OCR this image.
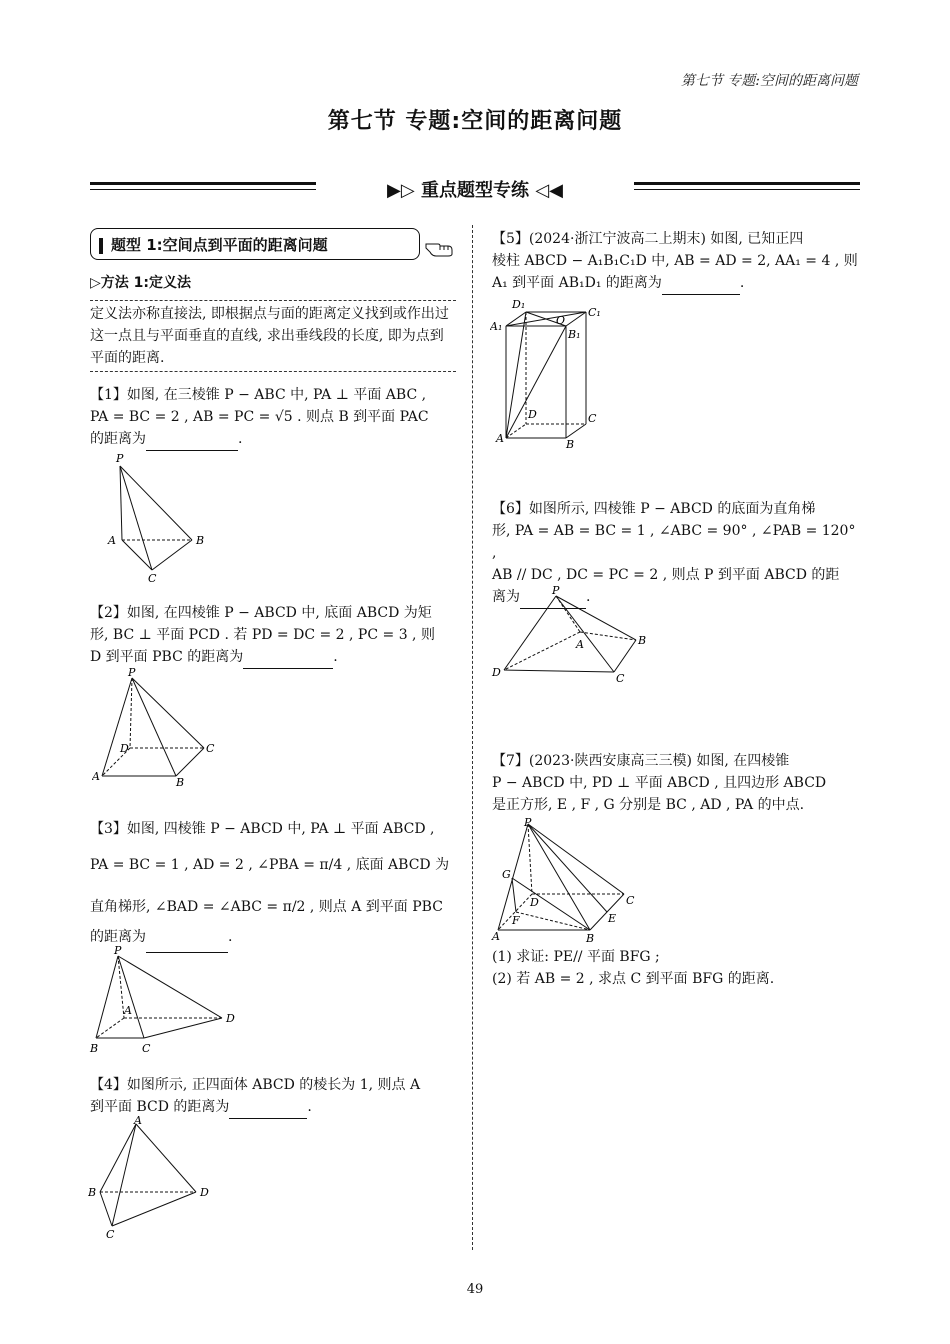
第七节 专题:空间的距离问题
第七节 专题:空间的距离问题
▶▷ 重点题型专练 ◁◀
题型 1:空间点到平面的距离问题
▷方法 1:定义法
定义法亦称直接法, 即根据点与面的距离定义找到或作出过这一点且与平面垂直的直线, 求出垂线段的长度, 即为点到平面的距离.
【1】如图, 在三棱锥 P − ABC 中, PA ⊥ 平面 ABC ,
PA = BC = 2 , AB = PC = √5 . 则点 B 到平面 PAC
的距离为	.
P
A	B
C
【2】如图, 在四棱锥 P − ABCD 中, 底面 ABCD 为矩
形, BC ⊥ 平面 PCD . 若 PD = DC = 2 , PC = 3 , 则
D 到平面 PBC 的距离为	.
P
D	C
A	B
【3】如图, 四棱锥 P − ABCD 中, PA ⊥ 平面 ABCD ,
PA = BC = 1 , AD = 2 , ∠PBA = π/4 , 底面 ABCD 为
直角梯形, ∠BAD = ∠ABC = π/2 , 则点 A 到平面 PBC
的距离为	.
P
A
D
B	C
【4】如图所示, 正四面体 ABCD 的棱长为 1, 则点 A
到平面 BCD 的距离为	.
A
B	D
C
【5】(2024·浙江宁波高二上期末) 如图, 已知正四
棱柱 ABCD − A₁B₁C₁D 中, AB = AD = 2, AA₁ = 4 , 则
A₁ 到平面 AB₁D₁ 的距离为	.
D₁
C₁
A₁	O
B₁
D	C
A	B
【6】如图所示, 四棱锥 P − ABCD 的底面为直角梯
形, PA = AB = BC = 1 , ∠ABC = 90° , ∠PAB = 120° ,
AB // DC , DC = PC = 2 , 则点 P 到平面 ABCD 的距
离为	.
P
B
A
D	C
【7】(2023·陕西安康高三三模) 如图, 在四棱锥
P − ABCD 中, PD ⊥ 平面 ABCD , 且四边形 ABCD
是正方形, E , F , G 分别是 BC , AD , PA 的中点.
P
G
D	C
F	E
A	B
(1) 求证: PE// 平面 BFG ;
(2) 若 AB = 2 , 求点 C 到平面 BFG 的距离.
49
